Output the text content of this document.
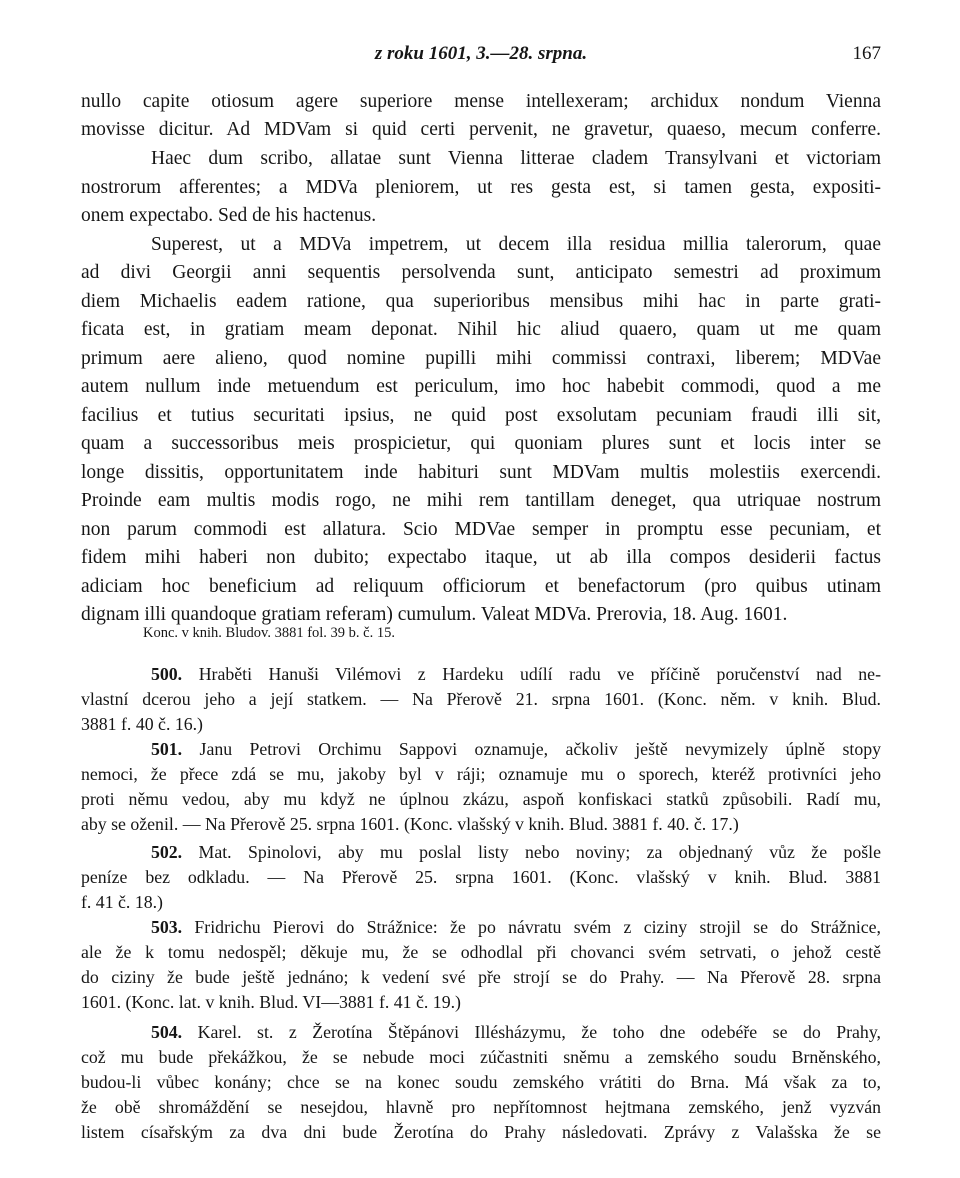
z roku 1601, 3.—28. srpna.	167
nullo capite otiosum agere superiore mense intellexeram; archidux nondum Vienna
movisse dicitur. Ad MDVam si quid certi pervenit, ne gravetur, quaeso, mecum conferre.
Haec dum scribo, allatae sunt Vienna litterae cladem Transylvani et victoriam
nostrorum afferentes; a MDVa pleniorem, ut res gesta est, si tamen gesta, expositi-
onem expectabo. Sed de his hactenus.
Superest, ut a MDVa impetrem, ut decem illa residua millia talerorum, quae
ad divi Georgii anni sequentis persolvenda sunt, anticipato semestri ad proximum
diem Michaelis eadem ratione, qua superioribus mensibus mihi hac in parte grati-
ficata est, in gratiam meam deponat. Nihil hic aliud quaero, quam ut me quam
primum aere alieno, quod nomine pupilli mihi commissi contraxi, liberem; MDVae
autem nullum inde metuendum est periculum, imo hoc habebit commodi, quod a me
facilius et tutius securitati ipsius, ne quid post exsolutam pecuniam fraudi illi sit,
quam a successoribus meis prospicietur, qui quoniam plures sunt et locis inter se
longe dissitis, opportunitatem inde habituri sunt MDVam multis molestiis exercendi.
Proinde eam multis modis rogo, ne mihi rem tantillam deneget, qua utriquae nostrum
non parum commodi est allatura. Scio MDVae semper in promptu esse pecuniam, et
fidem mihi haberi non dubito; expectabo itaque, ut ab illa compos desiderii factus
adiciam hoc beneficium ad reliquum officiorum et benefactorum (pro quibus utinam
dignam illi quandoque gratiam referam) cumulum. Valeat MDVa. Prerovia, 18. Aug. 1601.
Konc. v knih. Bludov. 3881 fol. 39 b. č. 15.
500. Hraběti Hanuši Vilémovi z Hardeku udílí radu ve příčině poručenství nad ne-
vlastní dcerou jeho a její statkem. — Na Přerově 21. srpna 1601. (Konc. něm. v knih. Blud.
3881 f. 40 č. 16.)
501. Janu Petrovi Orchimu Sappovi oznamuje, ačkoliv ještě nevymizely úplně stopy
nemoci, že přece zdá se mu, jakoby byl v ráji; oznamuje mu o sporech, kteréž protivníci jeho
proti němu vedou, aby mu když ne úplnou zkázu, aspoň konfiskaci statků způsobili. Radí mu,
aby se oženil. — Na Přerově 25. srpna 1601. (Konc. vlašský v knih. Blud. 3881 f. 40. č. 17.)
502. Mat. Spinolovi, aby mu poslal listy nebo noviny; za objednaný vůz že pošle
peníze bez odkladu. — Na Přerově 25. srpna 1601. (Konc. vlašský v knih. Blud. 3881
f. 41 č. 18.)
503. Fridrichu Pierovi do Strážnice: že po návratu svém z ciziny strojil se do Strážnice,
ale že k tomu nedospěl; děkuje mu, že se odhodlal při chovanci svém setrvati, o jehož cestě
do ciziny že bude ještě jednáno; k vedení své pře strojí se do Prahy. — Na Přerově 28. srpna
1601. (Konc. lat. v knih. Blud. VI—3881 f. 41 č. 19.)
504. Karel. st. z Žerotína Štěpánovi Illésházymu, že toho dne odebéře se do Prahy,
což mu bude překážkou, že se nebude moci zúčastniti sněmu a zemského soudu Brněnského,
budou-li vůbec konány; chce se na konec soudu zemského vrátiti do Brna. Má však za to,
že obě shromáždění se nesejdou, hlavně pro nepřítomnost hejtmana zemského, jenž vyzván
listem císařským za dva dni bude Žerotína do Prahy následovati. Zprávy z Valašska že se
